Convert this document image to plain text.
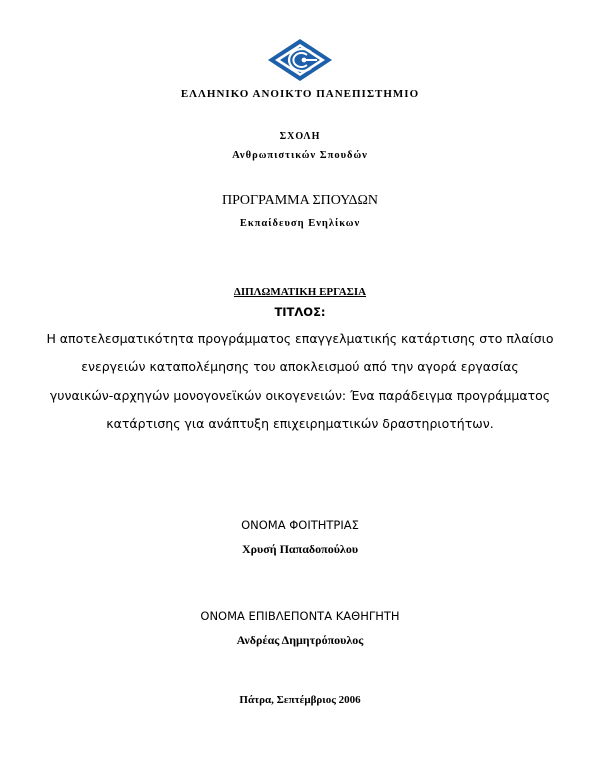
ΕΛΛΗΝΙΚΟ ΑΝΟΙΚΤΟ ΠΑΝΕΠΙΣΤΗΜΙΟ
ΣΧΟΛΗ
Ανθρωπιστικών Σπουδών
ΠΡΟΓΡΑΜΜΑ ΣΠΟΥΔΩΝ
Εκπαίδευση Ενηλίκων
ΔΙΠΛΩΜΑΤΙΚΗ ΕΡΓΑΣΙΑ
ΤΙΤΛΟΣ:
Η αποτελεσματικότητα προγράμματος επαγγελματικής κατάρτισης στο πλαίσιο
ενεργειών καταπολέμησης του αποκλεισμού από την αγορά εργασίας
γυναικών-αρχηγών μονογονεϊκών οικογενειών: Ένα παράδειγμα προγράμματος
κατάρτισης για ανάπτυξη επιχειρηματικών δραστηριοτήτων.
ΟΝΟΜΑ ΦΟΙΤΗΤΡΙΑΣ
Χρυσή Παπαδοπούλου
ΟΝΟΜΑ ΕΠΙΒΛΕΠΟΝΤΑ ΚΑΘΗΓΗΤΗ
Ανδρέας Δημητρόπουλος
Πάτρα, Σεπτέμβριος 2006
